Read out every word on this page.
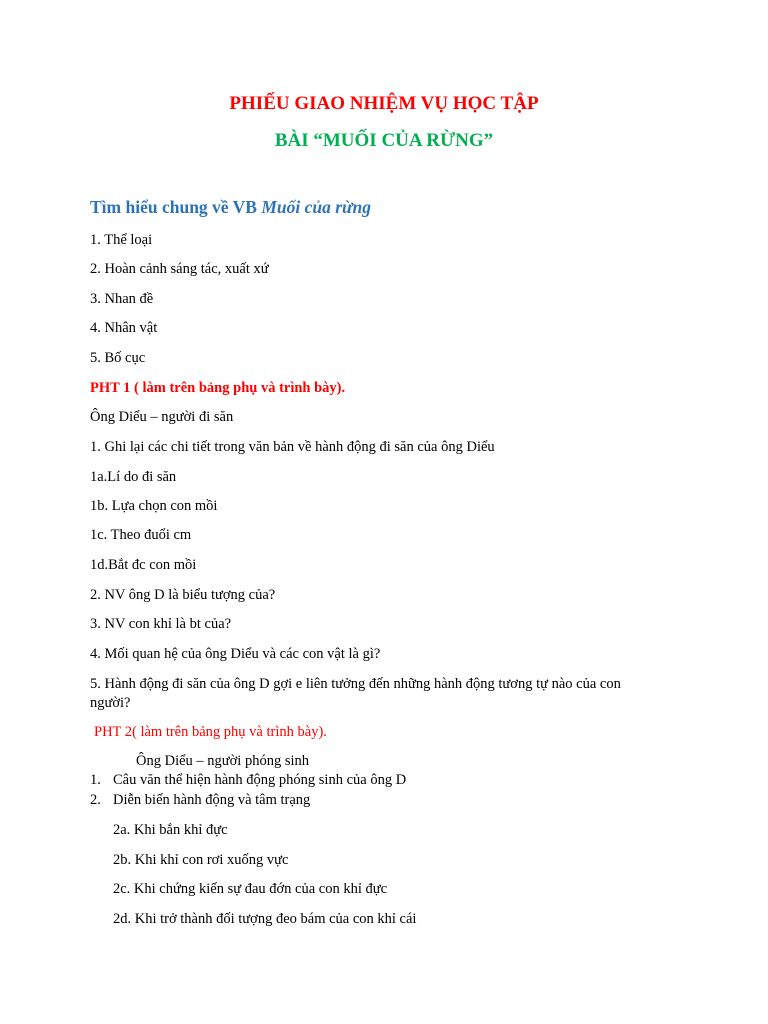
PHIẾU GIAO NHIỆM VỤ HỌC TẬP

BÀI “MUỐI CỦA RỪNG”

Tìm hiểu chung về VB Muối của rừng

1. Thể loại

2. Hoàn cảnh sáng tác, xuất xứ

3. Nhan đề

4. Nhân vật

5. Bố cục

PHT 1 ( làm trên bảng phụ và trình bày).

Ông Diểu – người đi săn

1. Ghi lại các chi tiết trong văn bản về hành động đi săn của ông Diểu

1a.Lí do đi săn

1b. Lựa chọn con mồi

1c. Theo đuổi cm

1d.Bắt đc con mồi

2. NV ông D là biểu tượng của?

3. NV con khỉ là bt của?

4. Mối quan hệ của ông Diểu và các con vật là gì?

5. Hành động đi săn của ông D gợi e liên tưởng đến những hành động tương tự nào của con người?

PHT 2( làm trên bảng phụ và trình bày).

Ông Diểu – người phóng sinh

1. Câu văn thể hiện hành động phóng sinh của ông D

2. Diễn biến hành động và tâm trạng

2a. Khi bắn khỉ đực

2b. Khi khỉ con rơi xuống vực

2c. Khi chứng kiến sự đau đớn của con khỉ đực

2d. Khi trở thành đối tượng đeo bám của con khỉ cái
